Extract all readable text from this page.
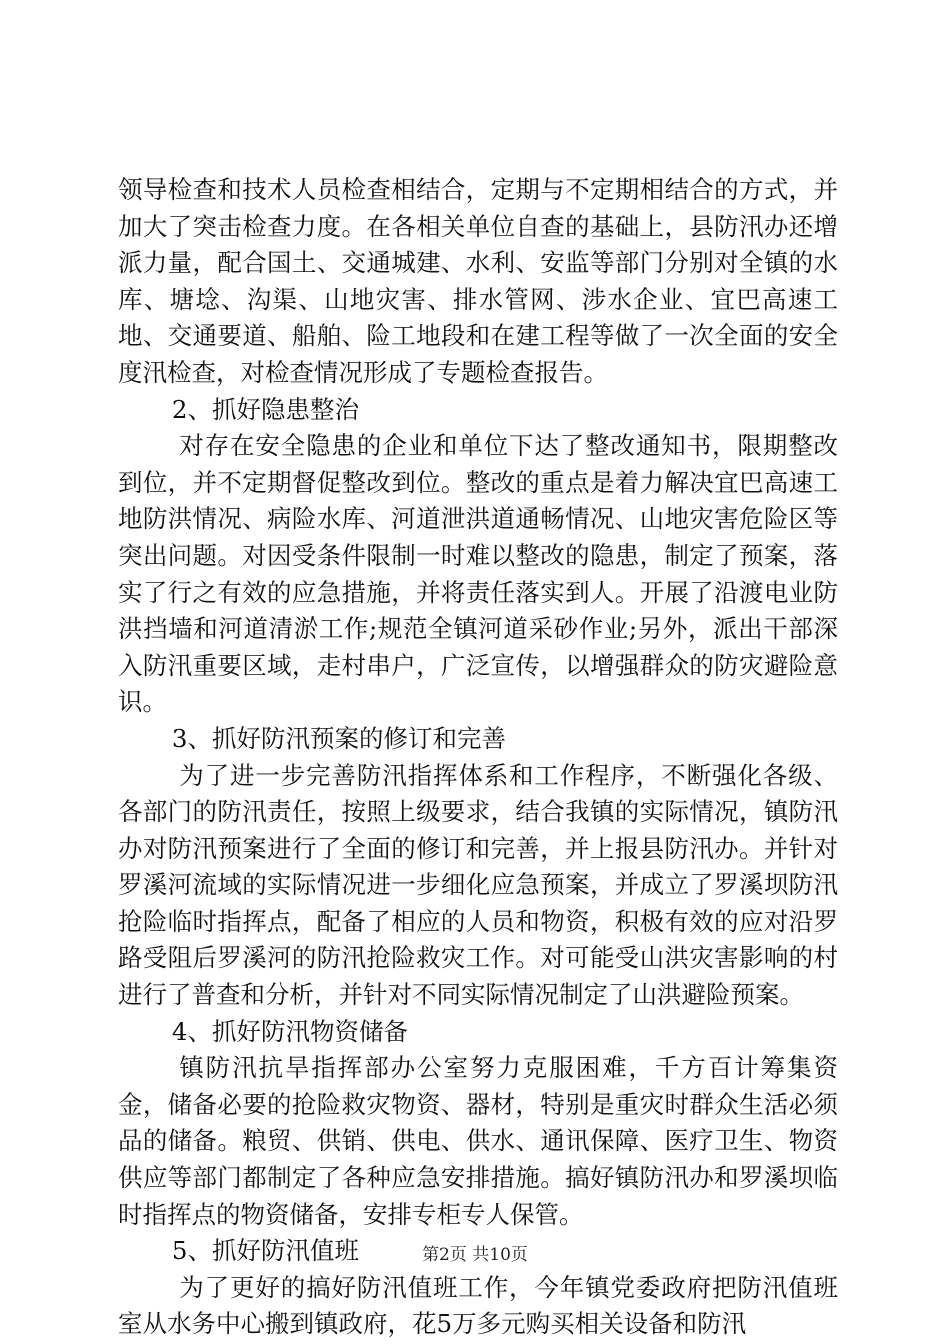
领导检查和技术人员检查相结合，定期与不定期相结合的方式，并加大了突击检查力度。在各相关单位自查的基础上，县防汛办还增派力量，配合国土、交通城建、水利、安监等部门分别对全镇的水库、塘埝、沟渠、山地灾害、排水管网、涉水企业、宜巴高速工地、交通要道、船舶、险工地段和在建工程等做了一次全面的安全度汛检查，对检查情况形成了专题检查报告。

2、抓好隐患整治

对存在安全隐患的企业和单位下达了整改通知书，限期整改到位，并不定期督促整改到位。整改的重点是着力解决宜巴高速工地防洪情况、病险水库、河道泄洪道通畅情况、山地灾害危险区等突出问题。对因受条件限制一时难以整改的隐患，制定了预案，落实了行之有效的应急措施，并将责任落实到人。开展了沿渡电业防洪挡墙和河道清淤工作;规范全镇河道采砂作业;另外，派出干部深入防汛重要区域，走村串户，广泛宣传，以增强群众的防灾避险意识。

3、抓好防汛预案的修订和完善

为了进一步完善防汛指挥体系和工作程序，不断强化各级、各部门的防汛责任，按照上级要求，结合我镇的实际情况，镇防汛办对防汛预案进行了全面的修订和完善，并上报县防汛办。并针对罗溪河流域的实际情况进一步细化应急预案，并成立了罗溪坝防汛抢险临时指挥点，配备了相应的人员和物资，积极有效的应对沿罗路受阻后罗溪河的防汛抢险救灾工作。对可能受山洪灾害影响的村进行了普查和分析，并针对不同实际情况制定了山洪避险预案。

4、抓好防汛物资储备

镇防汛抗旱指挥部办公室努力克服困难，千方百计筹集资金，储备必要的抢险救灾物资、器材，特别是重灾时群众生活必须品的储备。粮贸、供销、供电、供水、通讯保障、医疗卫生、物资供应等部门都制定了各种应急安排措施。搞好镇防汛办和罗溪坝临时指挥点的物资储备，安排专柜专人保管。

5、抓好防汛值班

为了更好的搞好防汛值班工作，今年镇党委政府把防汛值班室从水务中心搬到镇政府，花5万多元购买相关设备和防汛

第2页 共10页
